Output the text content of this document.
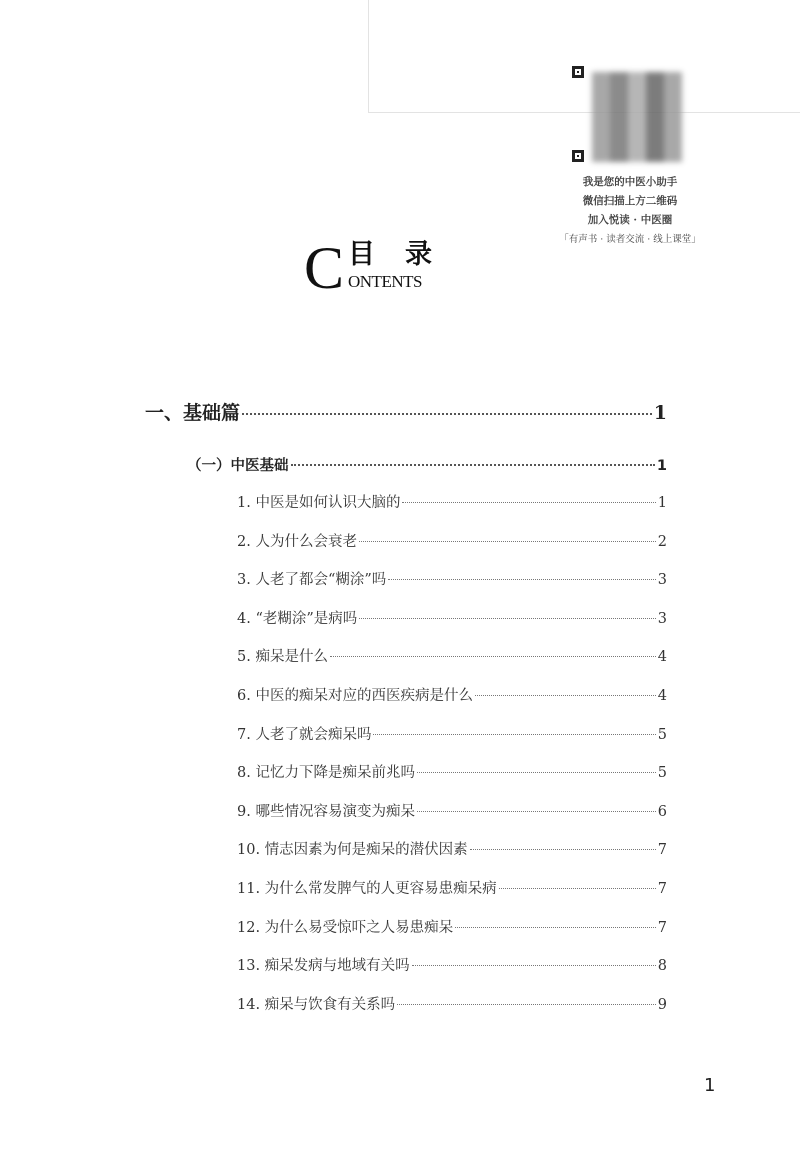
我是您的中医小助手
微信扫描上方二维码
加入悦读 · 中医圈
「有声书 · 读者交流 · 线上课堂」
C 目录
ONTENTS
一、基础篇	1
（一）中医基础	1
1. 中医是如何认识大脑的	1
2. 人为什么会衰老	2
3. 人老了都会“糊涂”吗	3
4. “老糊涂”是病吗	3
5. 痴呆是什么	4
6. 中医的痴呆对应的西医疾病是什么	4
7. 人老了就会痴呆吗	5
8. 记忆力下降是痴呆前兆吗	5
9. 哪些情况容易演变为痴呆	6
10. 情志因素为何是痴呆的潜伏因素	7
11. 为什么常发脾气的人更容易患痴呆病	7
12. 为什么易受惊吓之人易患痴呆	7
13. 痴呆发病与地域有关吗	8
14. 痴呆与饮食有关系吗	9
1
